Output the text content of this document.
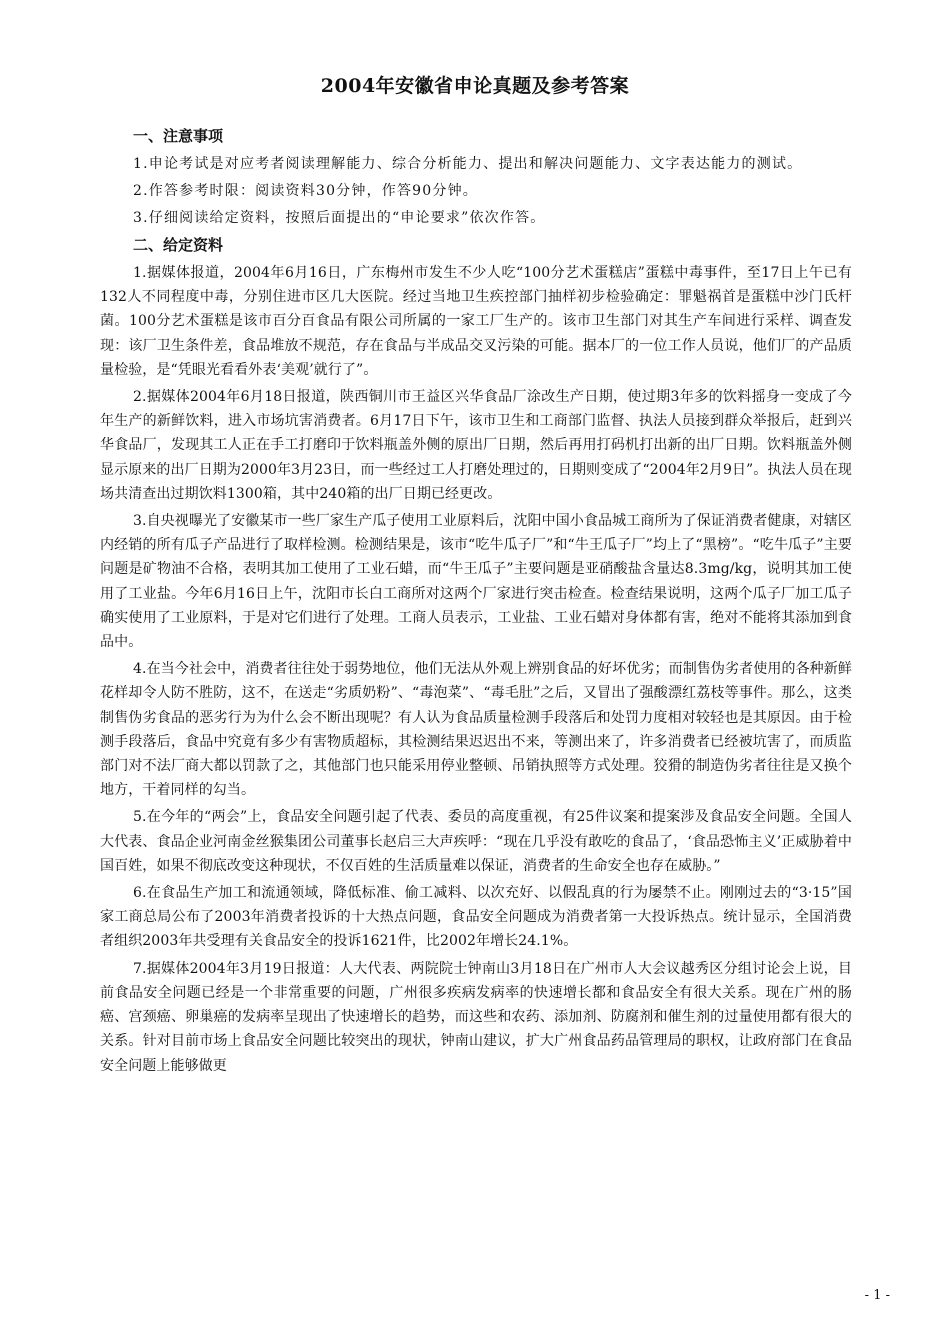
2004年安徽省申论真题及参考答案
一、注意事项

1.申论考试是对应考者阅读理解能力、综合分析能力、提出和解决问题能力、文字表达能力的测试。

2.作答参考时限：阅读资料30分钟，作答90分钟。

3.仔细阅读给定资料，按照后面提出的“申论要求”依次作答。

二、给定资料

1.据媒体报道，2004年6月16日，广东梅州市发生不少人吃“100分艺术蛋糕店”蛋糕中毒事件，至17日上午已有132人不同程度中毒，分别住进市区几大医院。经过当地卫生疾控部门抽样初步检验确定：罪魁祸首是蛋糕中沙门氏杆菌。100分艺术蛋糕是该市百分百食品有限公司所属的一家工厂生产的。该市卫生部门对其生产车间进行采样、调查发现：该厂卫生条件差，食品堆放不规范，存在食品与半成品交叉污染的可能。据本厂的一位工作人员说，他们厂的产品质量检验，是“凭眼光看看外表‘美观’就行了”。

2.据媒体2004年6月18日报道，陕西铜川市王益区兴华食品厂涂改生产日期，使过期3年多的饮料摇身一变成了今年生产的新鲜饮料，进入市场坑害消费者。6月17日下午，该市卫生和工商部门监督、执法人员接到群众举报后，赶到兴华食品厂，发现其工人正在手工打磨印于饮料瓶盖外侧的原出厂日期，然后再用打码机打出新的出厂日期。饮料瓶盖外侧显示原来的出厂日期为2000年3月23日，而一些经过工人打磨处理过的，日期则变成了“2004年2月9日”。执法人员在现场共清查出过期饮料1300箱，其中240箱的出厂日期已经更改。

3.自央视曝光了安徽某市一些厂家生产瓜子使用工业原料后，沈阳中国小食品城工商所为了保证消费者健康，对辖区内经销的所有瓜子产品进行了取样检测。检测结果是，该市“吃牛瓜子厂”和“牛王瓜子厂”均上了“黑榜”。“吃牛瓜子”主要问题是矿物油不合格，表明其加工使用了工业石蜡，而“牛王瓜子”主要问题是亚硝酸盐含量达8.3mg/kg，说明其加工使用了工业盐。今年6月16日上午，沈阳市长白工商所对这两个厂家进行突击检查。检查结果说明，这两个瓜子厂加工瓜子确实使用了工业原料，于是对它们进行了处理。工商人员表示，工业盐、工业石蜡对身体都有害，绝对不能将其添加到食品中。

4.在当今社会中，消费者往往处于弱势地位，他们无法从外观上辨别食品的好坏优劣；而制售伪劣者使用的各种新鲜花样却令人防不胜防，这不，在送走“劣质奶粉”、“毒泡菜”、“毒毛肚”之后，又冒出了强酸漂红荔枝等事件。那么，这类制售伪劣食品的恶劣行为为什么会不断出现呢？有人认为食品质量检测手段落后和处罚力度相对较轻也是其原因。由于检测手段落后，食品中究竟有多少有害物质超标，其检测结果迟迟出不来，等测出来了，许多消费者已经被坑害了，而质监部门对不法厂商大都以罚款了之，其他部门也只能采用停业整顿、吊销执照等方式处理。狡猾的制造伪劣者往往是又换个地方，干着同样的勾当。

5.在今年的“两会”上，食品安全问题引起了代表、委员的高度重视，有25件议案和提案涉及食品安全问题。全国人大代表、食品企业河南金丝猴集团公司董事长赵启三大声疾呼：“现在几乎没有敢吃的食品了，‘食品恐怖主义’正威胁着中国百姓，如果不彻底改变这种现状，不仅百姓的生活质量难以保证，消费者的生命安全也存在威胁。”

6.在食品生产加工和流通领域，降低标准、偷工减料、以次充好、以假乱真的行为屡禁不止。刚刚过去的“3·15”国家工商总局公布了2003年消费者投诉的十大热点问题，食品安全问题成为消费者第一大投诉热点。统计显示，全国消费者组织2003年共受理有关食品安全的投诉1621件，比2002年增长24.1%。

7.据媒体2004年3月19日报道：人大代表、两院院士钟南山3月18日在广州市人大会议越秀区分组讨论会上说，目前食品安全问题已经是一个非常重要的问题，广州很多疾病发病率的快速增长都和食品安全有很大关系。现在广州的肠癌、宫颈癌、卵巢癌的发病率呈现出了快速增长的趋势，而这些和农药、添加剂、防腐剂和催生剂的过量使用都有很大的关系。针对目前市场上食品安全问题比较突出的现状，钟南山建议，扩大广州食品药品管理局的职权，让政府部门在食品安全问题上能够做更

- 1 -
